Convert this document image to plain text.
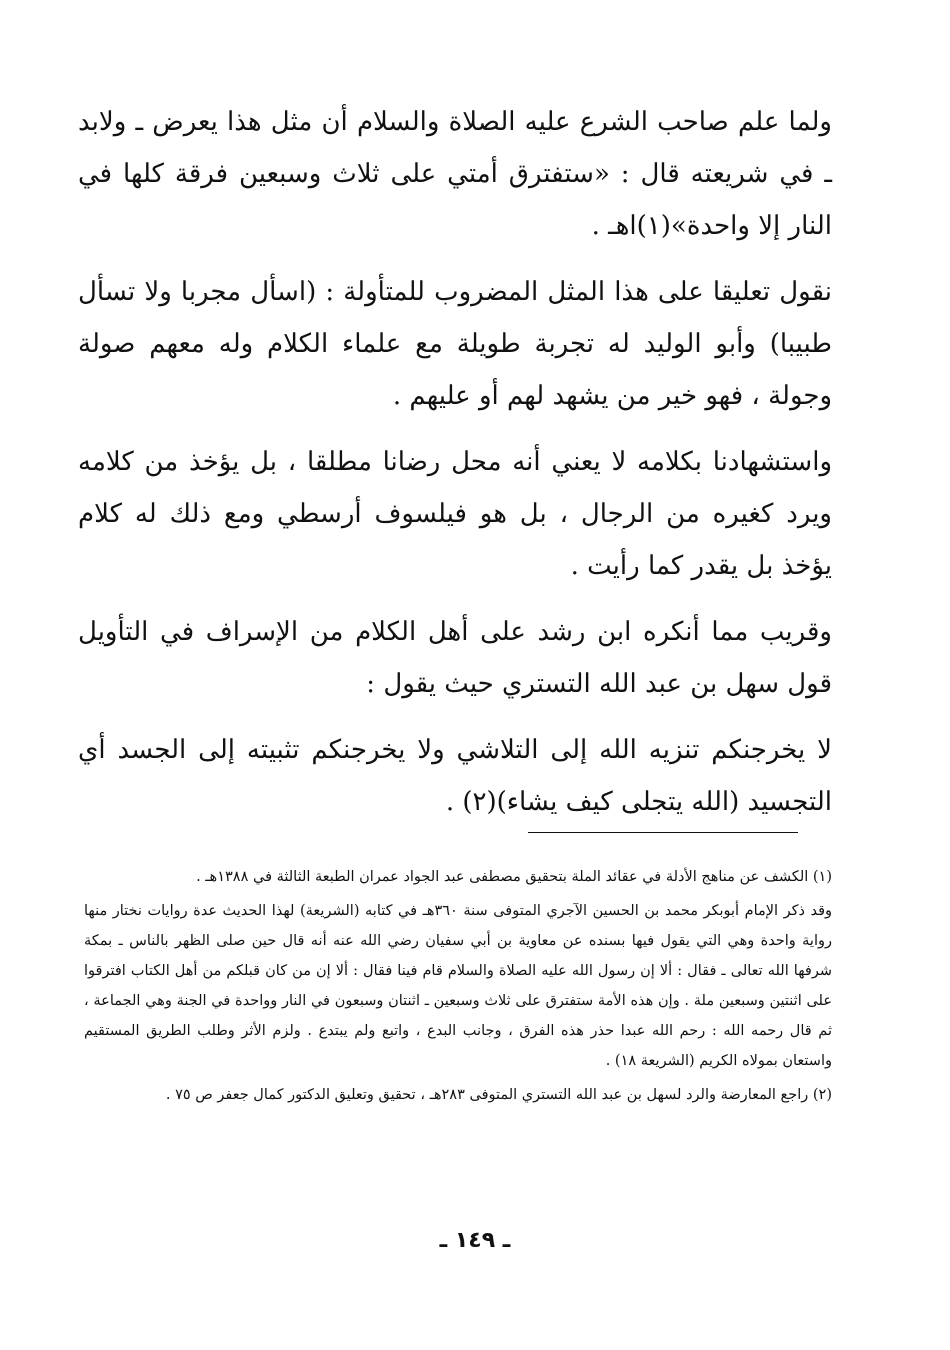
ولما علم صاحب الشرع عليه الصلاة والسلام أن مثل هذا يعرض ـ ولابد ـ في شريعته قال : «ستفترق أمتي على ثلاث وسبعين فرقة كلها في النار إلا واحدة»(١)اهـ .

نقول تعليقا على هذا المثل المضروب للمتأولة : (اسأل مجربا ولا تسأل طبيبا) وأبو الوليد له تجربة طويلة مع علماء الكلام وله معهم صولة وجولة ، فهو خير من يشهد لهم أو عليهم .

واستشهادنا بكلامه لا يعني أنه محل رضانا مطلقا ، بل يؤخذ من كلامه ويرد كغيره من الرجال ، بل هو فيلسوف أرسطي ومع ذلك له كلام يؤخذ بل يقدر كما رأيت .

وقريب مما أنكره ابن رشد على أهل الكلام من الإسراف في التأويل قول سهل بن عبد الله التستري حيث يقول :

لا يخرجنكم تنزيه الله إلى التلاشي ولا يخرجنكم تثبيته إلى الجسد أي التجسيد (الله يتجلى كيف يشاء)(٢) .

(١) الكشف عن مناهج الأدلة في عقائد الملة بتحقيق مصطفى عبد الجواد عمران الطبعة الثالثة في ١٣٨٨هـ .

وقد ذكر الإمام أبوبكر محمد بن الحسين الآجري المتوفى سنة ٣٦٠هـ في كتابه (الشريعة) لهذا الحديث عدة روايات نختار منها رواية واحدة وهي التي يقول فيها بسنده عن معاوية بن أبي سفيان رضي الله عنه أنه قال حين صلى الظهر بالناس ـ بمكة شرفها الله تعالى ـ فقال : ألا إن رسول الله عليه الصلاة والسلام قام فينا فقال : ألا إن من كان قبلكم من أهل الكتاب افترقوا على اثنتين وسبعين ملة . وإن هذه الأمة ستفترق على ثلاث وسبعين ـ اثنتان وسبعون في النار وواحدة في الجنة وهي الجماعة ، ثم قال رحمه الله : رحم الله عبدا حذر هذه الفرق ، وجانب البدع ، واتبع ولم يبتدع . ولزم الأثر وطلب الطريق المستقيم واستعان بمولاه الكريم (الشريعة ١٨) .

(٢) راجع المعارضة والرد لسهل بن عبد الله التستري المتوفى ٢٨٣هـ ، تحقيق وتعليق الدكتور كمال جعفر ص ٧٥ .

ـ ١٤٩ ـ
